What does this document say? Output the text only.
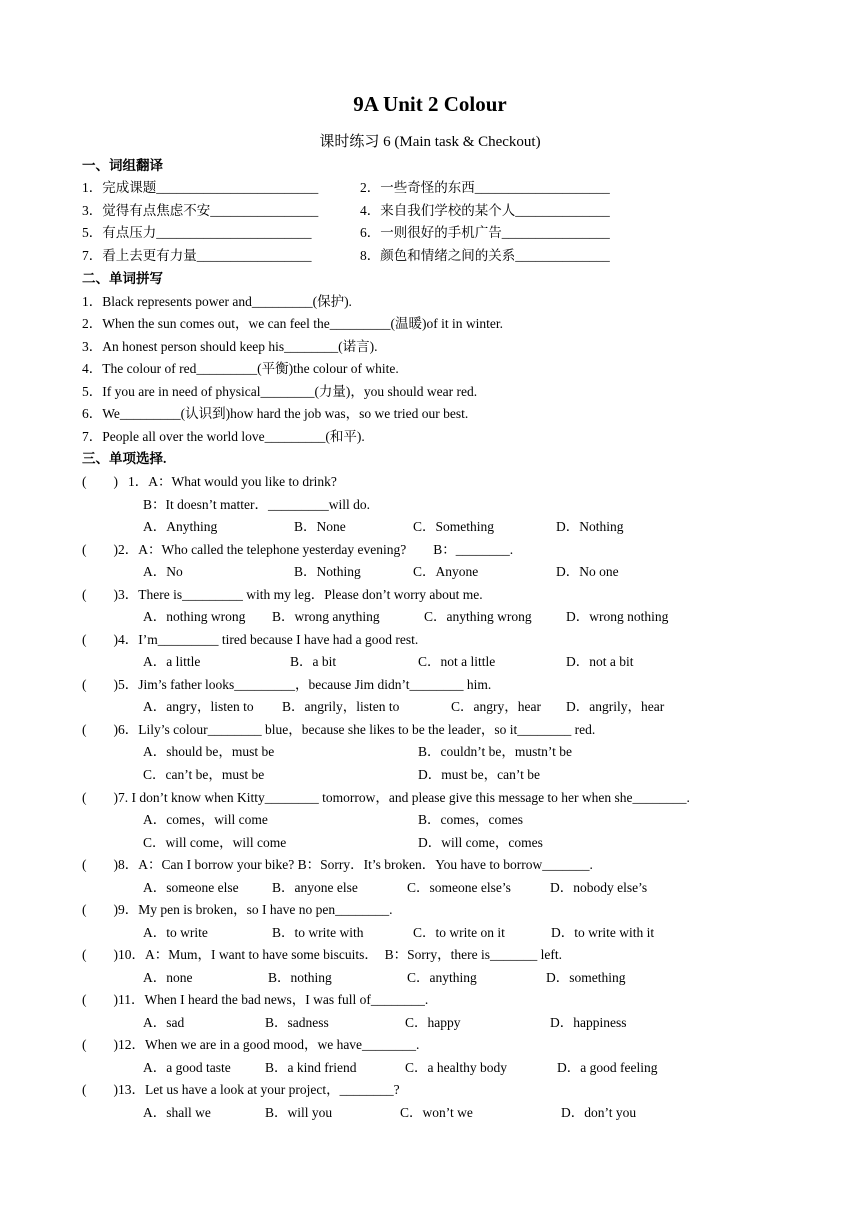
9A Unit 2 Colour
课时练习 6 (Main task & Checkout)
一、词组翻译
1．完成课题________________________	2．一些奇怪的东西____________________
3．觉得有点焦虑不安________________	4．来自我们学校的某个人______________
5．有点压力_______________________	6．一则很好的手机广告________________
7．看上去更有力量_________________	8．颜色和情绪之间的关系______________
二、单词拼写
1．Black represents power and_________(保护).
2．When the sun comes out，we can feel the_________(温暖)of it in winter.
3．An honest person should keep his________(诺言).
4．The colour of red_________(平衡)the colour of white.
5．If you are in need of physical________(力量)，you should wear red.
6．We_________(认识到)how hard the job was，so we tried our best.
7．People all over the world love_________(和平).
三、单项选择.
(　　) 1．A：What would you like to drink?
B：It doesn’t matter．_________will do.
A．Anything	B．None	C．Something	D．Nothing
(　　) 2．A：Who called the telephone yesterday evening?　　B：________.
A．No	B．Nothing	C．Anyone	D．No one
(　　) 3．There is_________ with my leg．Please don’t worry about me.
A．nothing wrong B．wrong anything	C．anything wrong	D．wrong nothing
(　　) 4．I’m_________ tired because I have had a good rest.
A．a little	B．a bit	C．not a little	D．not a bit
(　　) 5．Jim’s father looks_________，because Jim didn’t________ him.
A．angry，listen to B．angrily，listen to	C．angry，hear D．angrily，hear
(　　) 6．Lily’s colour________ blue，because she likes to be the leader，so it________ red.
A．should be，must be	B．couldn’t be，mustn’t be
C．can’t be，must be	D．must be，can’t be
(　　) 7. I don’t know when Kitty________ tomorrow，and please give this message to her when she________.
A．comes，will come	B．comes，comes
C．will come，will come	D．will come，comes
(　　) 8．A：Can I borrow your bike? B：Sorry．It’s broken．You have to borrow_______.
A．someone else B．anyone else	C．someone else’s	D．nobody else’s
(　　) 9．My pen is broken，so I have no pen________.
A．to write	B．to write with	C．to write on it	D．to write with it
(　　) 10．A：Mum，I want to have some biscuits．　B：Sorry，there is_______ left.
A．none	B．nothing	C．anything	D．something
(　　) 11．When I heard the bad news，I was full of________.
A．sad	B．sadness	C．happy	D．happiness
(　　) 12．When we are in a good mood，we have________.
A．a good taste	B．a kind friend	C．a healthy body	D．a good feeling
(　　) 13．Let us have a look at your project，________?
A．shall we	B．will you	C．won’t we	D．don’t you
